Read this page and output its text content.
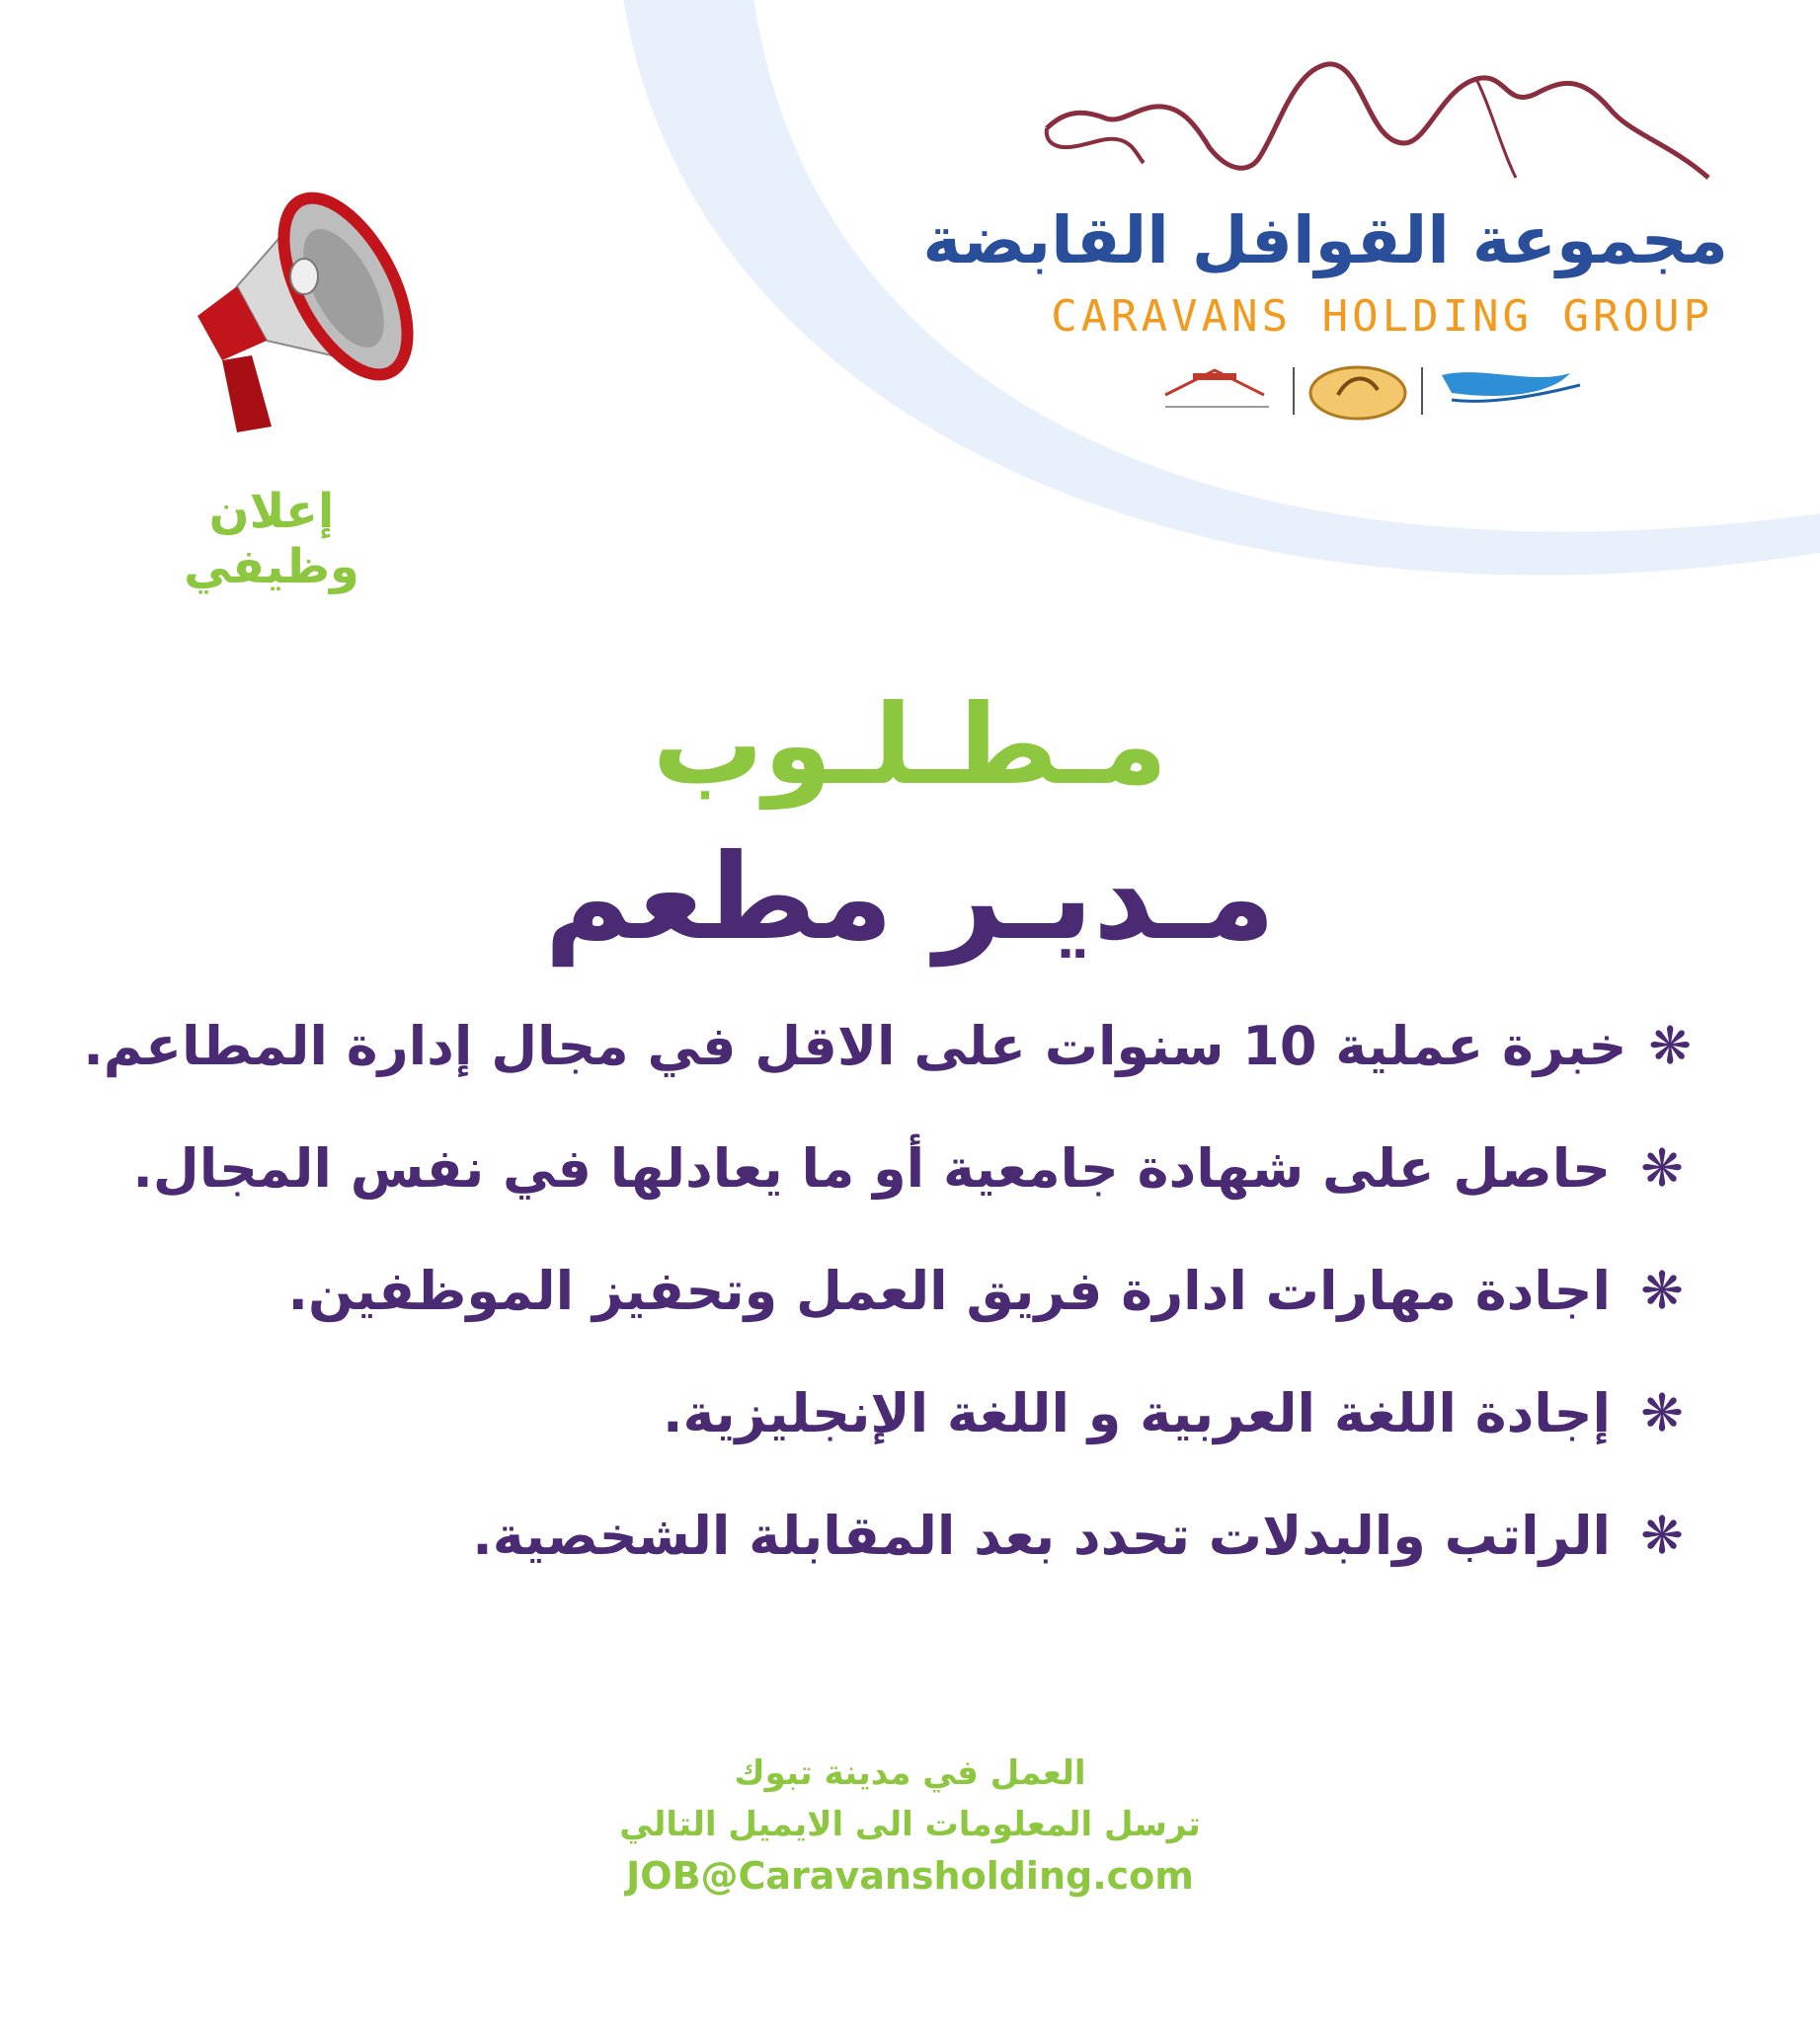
مجموعة القوافل القابضة
CARAVANS HOLDING GROUP
إعلان وظيفي
مـطـلـوب
مـديـر مطعم
❋
خبرة عملية 10 سنوات على الاقل في مجال إدارة المطاعم.
❋
حاصل على شهادة جامعية أو ما يعادلها في نفس المجال.
❋
اجادة مهارات ادارة فريق العمل وتحفيز الموظفين.
❋
إجادة اللغة العربية و اللغة الإنجليزية.
❋
الراتب والبدلات تحدد بعد المقابلة الشخصية.
العمل في مدينة تبوك
ترسل المعلومات الى الايميل التالي
JOB@Caravansholding.com
